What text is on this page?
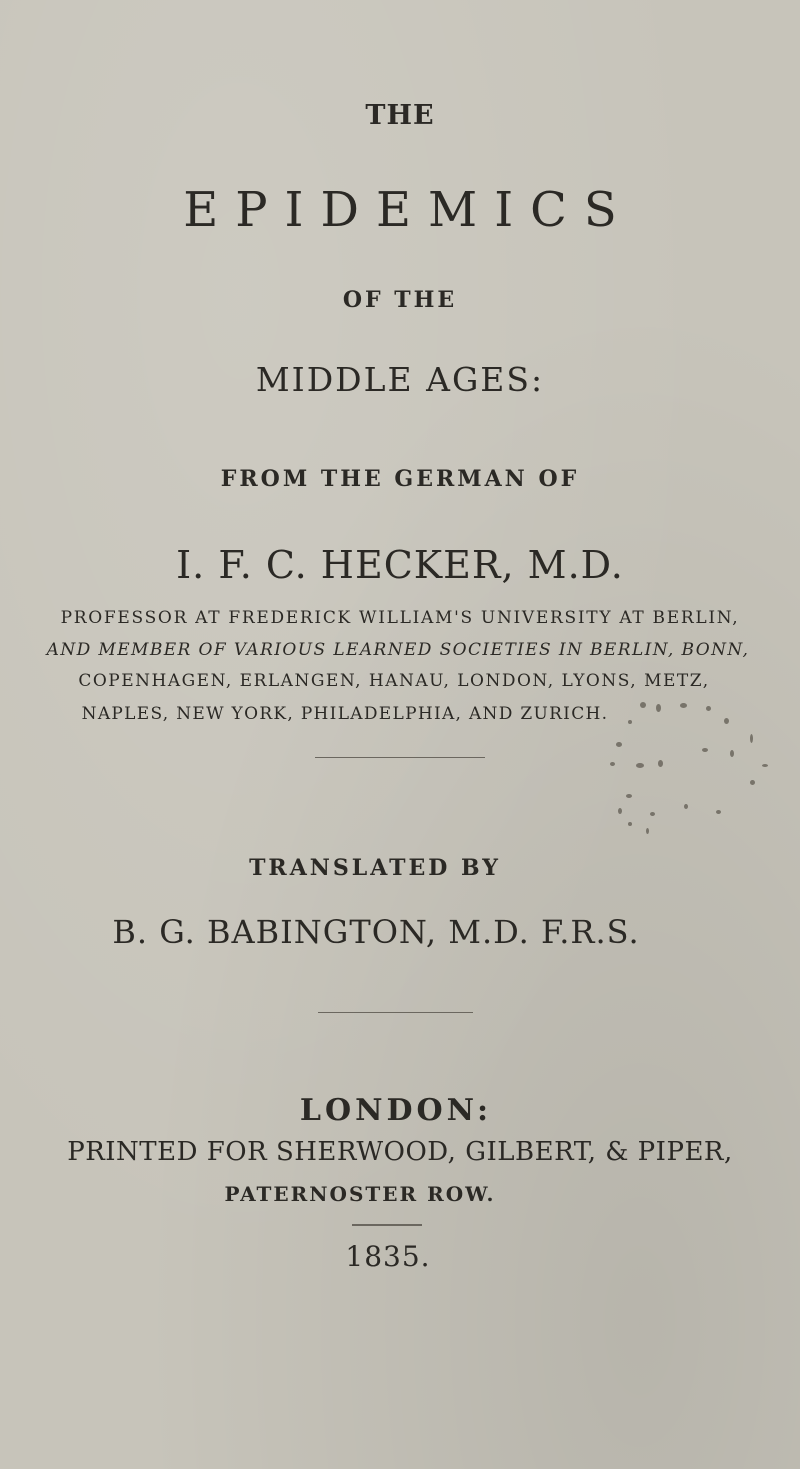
THE
EPIDEMICS
OF THE
MIDDLE AGES:
FROM THE GERMAN OF
I. F. C. HECKER, M.D.
PROFESSOR AT FREDERICK WILLIAM'S UNIVERSITY AT BERLIN,
AND MEMBER OF VARIOUS LEARNED SOCIETIES IN BERLIN, BONN,
COPENHAGEN, ERLANGEN, HANAU, LONDON, LYONS, METZ,
NAPLES, NEW YORK, PHILADELPHIA, AND ZURICH.
TRANSLATED BY
B. G. BABINGTON, M.D. F.R.S.
LONDON:
PRINTED FOR SHERWOOD, GILBERT, & PIPER,
PATERNOSTER ROW.
1835.
